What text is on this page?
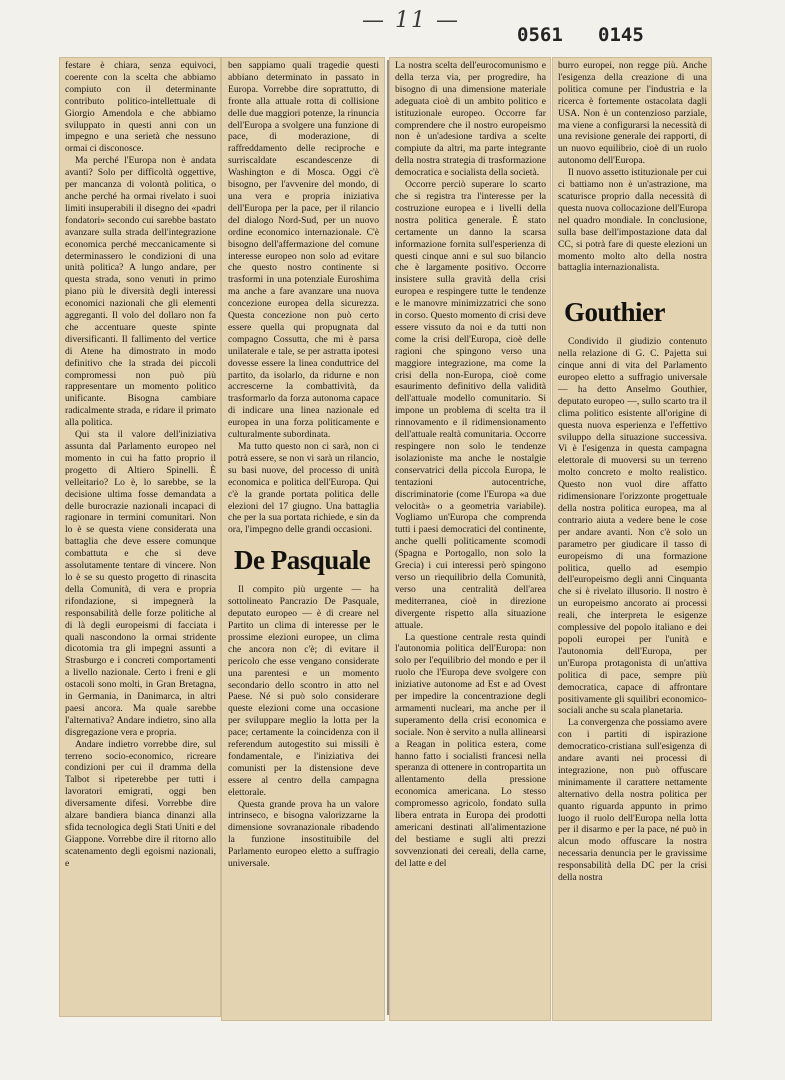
— 11 —
0561 0145

festare è chiara, senza equivoci, coerente con la scelta che abbiamo compiuto con il determinante contributo politico-intellettuale di Giorgio Amendola e che abbiamo sviluppato in questi anni con un impegno e una serietà che nessuno ormai ci disconosce.

Ma perché l'Europa non è andata avanti? Solo per difficoltà oggettive, per mancanza di volontà politica, o anche perché ha ormai rivelato i suoi limiti insuperabili il disegno dei «padri fondatori» secondo cui sarebbe bastato avanzare sulla strada dell'integrazione economica perché meccanicamente si determinassero le condizioni di una unità politica? A lungo andare, per questa strada, sono venuti in primo piano più le diversità degli interessi economici nazionali che gli elementi aggreganti. Il volo del dollaro non fa che accentuare queste spinte diversificanti. Il fallimento del vertice di Atene ha dimostrato in modo definitivo che la strada dei piccoli compromessi non può più rappresentare un momento politico unificante. Bisogna cambiare radicalmente strada, e ridare il primato alla politica.

Qui sta il valore dell'iniziativa assunta dal Parlamento europeo nel momento in cui ha fatto proprio il progetto di Altiero Spinelli. È velleitario? Lo è, lo sarebbe, se la decisione ultima fosse demandata a delle burocrazie nazionali incapaci di ragionare in termini comunitari. Non lo è se questa viene considerata una battaglia che deve essere comunque combattuta e che si deve assolutamente tentare di vincere. Non lo è se su questo progetto di rinascita della Comunità, di vera e propria rifondazione, si impegnerà la responsabilità delle forze politiche al di là degli europeismi di facciata i quali nascondono la ormai stridente dicotomia tra gli impegni assunti a Strasburgo e i concreti comportamenti a livello nazionale. Certo i freni e gli ostacoli sono molti, in Gran Bretagna, in Germania, in Danimarca, in altri paesi ancora. Ma quale sarebbe l'alternativa? Andare indietro, sino alla disgregazione vera e propria.

Andare indietro vorrebbe dire, sul terreno socio-economico, ricreare condizioni per cui il dramma della Talbot si ripeterebbe per tutti i lavoratori emigrati, oggi ben diversamente difesi. Vorrebbe dire alzare bandiera bianca dinanzi alla sfida tecnologica degli Stati Uniti e del Giappone. Vorrebbe dire il ritorno allo scatenamento degli egoismi nazionali, e

ben sappiamo quali tragedie questi abbiano determinato in passato in Europa. Vorrebbe dire soprattutto, di fronte alla attuale rotta di collisione delle due maggiori potenze, la rinuncia dell'Europa a svolgere una funzione di pace, di moderazione, di raffreddamento delle reciproche e surriscaldate escandescenze di Washington e di Mosca. Oggi c'è bisogno, per l'avvenire del mondo, di una vera e propria iniziativa dell'Europa per la pace, per il rilancio del dialogo Nord-Sud, per un nuovo ordine economico internazionale. C'è bisogno dell'affermazione del comune interesse europeo non solo ad evitare che questo nostro continente si trasformi in una potenziale Euroshima ma anche a fare avanzare una nuova concezione europea della sicurezza. Questa concezione non può certo essere quella qui propugnata dal compagno Cossutta, che mi è parsa unilaterale e tale, se per astratta ipotesi dovesse essere la linea conduttrice del partito, da isolarlo, da ridurne e non accrescerne la combattività, da trasformarlo da forza autonoma capace di indicare una linea nazionale ed europea in una forza politicamente e culturalmente subordinata.

Ma tutto questo non ci sarà, non ci potrà essere, se non vi sarà un rilancio, su basi nuove, del processo di unità economica e politica dell'Europa. Qui c'è la grande portata politica delle elezioni del 17 giugno. Una battaglia che per la sua portata richiede, e sin da ora, l'impegno delle grandi occasioni.

De Pasquale

Il compito più urgente — ha sottolineato Pancrazio De Pasquale, deputato europeo — è di creare nel Partito un clima di interesse per le prossime elezioni europee, un clima che ancora non c'è; di evitare il pericolo che esse vengano considerate una parentesi e un momento secondario dello scontro in atto nel Paese. Né si può solo considerare queste elezioni come una occasione per sviluppare meglio la lotta per la pace; certamente la coincidenza con il referendum autogestito sui missili è fondamentale, e l'iniziativa dei comunisti per la distensione deve essere al centro della campagna elettorale.

Questa grande prova ha un valore intrinseco, e bisogna valorizzarne la dimensione sovranazionale ribadendo la funzione insostituibile del Parlamento europeo eletto a suffragio universale.

La nostra scelta dell'eurocomunismo e della terza via, per progredire, ha bisogno di una dimensione materiale adeguata cioè di un ambito politico e istituzionale europeo. Occorre far comprendere che il nostro europeismo non è un'adesione tardiva a scelte compiute da altri, ma parte integrante della nostra strategia di trasformazione democratica e socialista della società.

Occorre perciò superare lo scarto che si registra tra l'interesse per la costruzione europea e i livelli della nostra politica generale. È stato certamente un danno la scarsa informazione fornita sull'esperienza di questi cinque anni e sul suo bilancio che è largamente positivo. Occorre insistere sulla gravità della crisi europea e respingere tutte le tendenze e le manovre minimizzatrici che sono in corso. Questo momento di crisi deve essere vissuto da noi e da tutti non come la crisi dell'Europa, cioè delle ragioni che spingono verso una maggiore integrazione, ma come la crisi della non-Europa, cioè come esaurimento definitivo della validità dell'attuale modello comunitario. Si impone un problema di scelta tra il rinnovamento e il ridimensionamento dell'attuale realtà comunitaria. Occorre respingere non solo le tendenze isolazioniste ma anche le nostalgie conservatrici della piccola Europa, le tentazioni autocentriche, discriminatorie (come l'Europa «a due velocità» o a geometria variabile). Vogliamo un'Europa che comprenda tutti i paesi democratici del continente, anche quelli politicamente scomodi (Spagna e Portogallo, non solo la Grecia) i cui interessi però spingono verso un riequilibrio della Comunità, verso una centralità dell'area mediterranea, cioè in direzione divergente rispetto alla situazione attuale.

La questione centrale resta quindi l'autonomia politica dell'Europa: non solo per l'equilibrio del mondo e per il ruolo che l'Europa deve svolgere con iniziative autonome ad Est e ad Ovest per impedire la concentrazione degli armamenti nucleari, ma anche per il superamento della crisi economica e sociale. Non è servito a nulla allinearsi a Reagan in politica estera, come hanno fatto i socialisti francesi nella speranza di ottenere in contropartita un allentamento della pressione economica americana. Lo stesso compromesso agricolo, fondato sulla libera entrata in Europa dei prodotti americani destinati all'alimentazione del bestiame e sugli alti prezzi sovvenzionati dei cereali, della carne, del latte e del

burro europei, non regge più. Anche l'esigenza della creazione di una politica comune per l'industria e la ricerca è fortemente ostacolata dagli USA. Non è un contenzioso parziale, ma viene a configurarsi la necessità di una revisione generale dei rapporti, di un nuovo equilibrio, cioè di un ruolo autonomo dell'Europa.

Il nuovo assetto istituzionale per cui ci battiamo non è un'astrazione, ma scaturisce proprio dalla necessità di questa nuova collocazione dell'Europa nel quadro mondiale. In conclusione, sulla base dell'impostazione data dal CC, si potrà fare di queste elezioni un momento molto alto della nostra battaglia internazionalista.

Gouthier

Condivido il giudizio contenuto nella relazione di G. C. Pajetta sui cinque anni di vita del Parlamento europeo eletto a suffragio universale — ha detto Anselmo Gouthier, deputato europeo —, sullo scarto tra il clima politico esistente all'origine di questa nuova esperienza e l'effettivo sviluppo della situazione successiva. Vi è l'esigenza in questa campagna elettorale di muoversi su un terreno molto concreto e molto realistico. Questo non vuol dire affatto ridimensionare l'orizzonte progettuale della nostra politica europea, ma al contrario aiuta a vedere bene le cose per andare avanti. Non c'è solo un parametro per giudicare il tasso di europeismo di una formazione politica, quello ad esempio dell'europeismo degli anni Cinquanta che si è rivelato illusorio. Il nostro è un europeismo ancorato ai processi reali, che interpreta le esigenze complessive del popolo italiano e dei popoli europei per l'unità e l'autonomia dell'Europa, per un'Europa protagonista di un'attiva politica di pace, sempre più democratica, capace di affrontare positivamente gli squilibri economico-sociali anche su scala planetaria.

La convergenza che possiamo avere con i partiti di ispirazione democratico-cristiana sull'esigenza di andare avanti nei processi di integrazione, non può offuscare minimamente il carattere nettamente alternativo della nostra politica per quanto riguarda appunto in primo luogo il ruolo dell'Europa nella lotta per il disarmo e per la pace, né può in alcun modo offuscare la nostra necessaria denuncia per le gravissime responsabilità della DC per la crisi della nostra
